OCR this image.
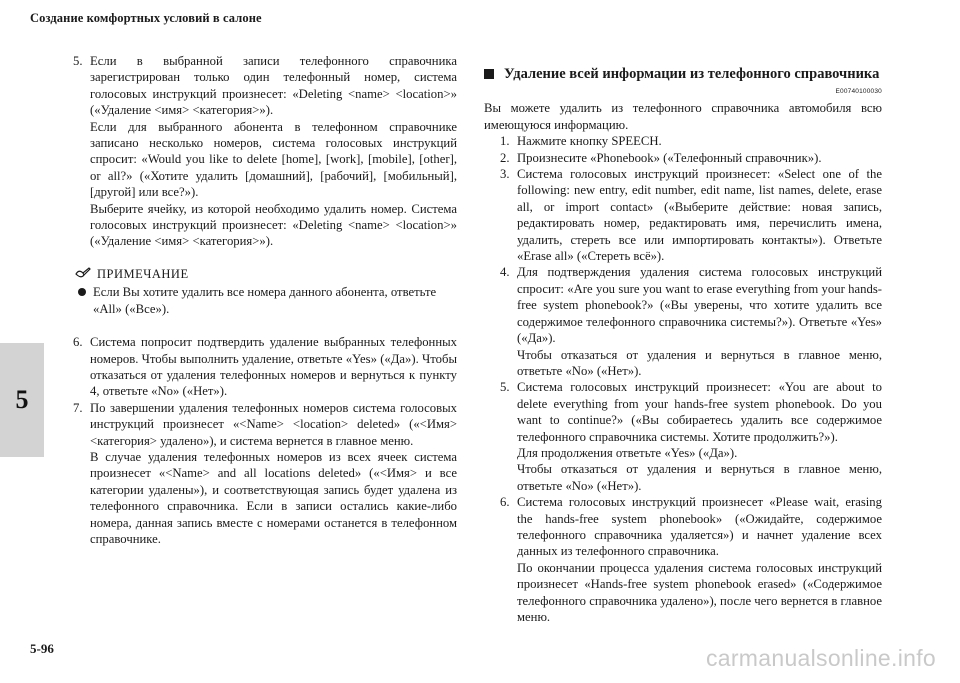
Создание комфортных условий в салоне
5
5. Если в выбранной записи телефонного справочника зарегистрирован только один телефонный номер, система голосовых инструкций произнесет: «Deleting <name> <location>» («Удаление <имя> <категория>»).

Если для выбранного абонента в телефонном справочнике записано несколько номеров, система голосовых инструкций спросит: «Would you like to delete [home], [work], [mobile], [other], or all?» («Хотите удалить [домашний], [рабочий], [мобильный], [другой] или все?»).

Выберите ячейку, из которой необходимо удалить номер. Система голосовых инструкций произнесет: «Deleting <name> <location>» («Удаление <имя> <категория>»).

ПРИМЕЧАНИЕ

Если Вы хотите удалить все номера данного абонента, ответьте «All» («Все»).

6. Система попросит подтвердить удаление выбранных телефонных номеров. Чтобы выполнить удаление, ответьте «Yes» («Да»). Чтобы отказаться от удаления телефонных номеров и вернуться к пункту 4, ответьте «No» («Нет»).

7. По завершении удаления телефонных номеров система голосовых инструкций произнесет «<Name> <location> deleted» («<Имя> <категория> удалено»), и система вернется в главное меню.

В случае удаления телефонных номеров из всех ячеек система произнесет «<Name> and all locations deleted» («<Имя> и все категории удалены»), и соответствующая запись будет удалена из телефонного справочника. Если в записи остались какие-либо номера, данная запись вместе с номерами останется в телефонном справочнике.

Удаление всей информации из телефонного справочника
E00740100030

Вы можете удалить из телефонного справочника автомобиля всю имеющуюся информацию.

1. Нажмите кнопку SPEECH.

2. Произнесите «Phonebook» («Телефонный справочник»).

3. Система голосовых инструкций произнесет: «Select one of the following: new entry, edit number, edit name, list names, delete, erase all, or import contact» («Выберите действие: новая запись, редактировать номер, редактировать имя, перечислить имена, удалить, стереть все или импортировать контакты»). Ответьте «Erase all» («Стереть всё»).

4. Для подтверждения удаления система голосовых инструкций спросит: «Are you sure you want to erase everything from your hands-free system phonebook?» («Вы уверены, что хотите удалить все содержимое телефонного справочника системы?»). Ответьте «Yes» («Да»).

Чтобы отказаться от удаления и вернуться в главное меню, ответьте «No» («Нет»).

5. Система голосовых инструкций произнесет: «You are about to delete everything from your hands-free system phonebook. Do you want to continue?» («Вы собираетесь удалить все содержимое телефонного справочника системы. Хотите продолжить?»).

Для продолжения ответьте «Yes» («Да»).

Чтобы отказаться от удаления и вернуться в главное меню, ответьте «No» («Нет»).

6. Система голосовых инструкций произнесет «Please wait, erasing the hands-free system phonebook» («Ожидайте, содержимое телефонного справочника удаляется») и начнет удаление всех данных из телефонного справочника.

По окончании процесса удаления система голосовых инструкций произнесет «Hands-free system phonebook erased» («Содержимое телефонного справочника удалено»), после чего вернется в главное меню.

5-96	carmanualsonline.info
